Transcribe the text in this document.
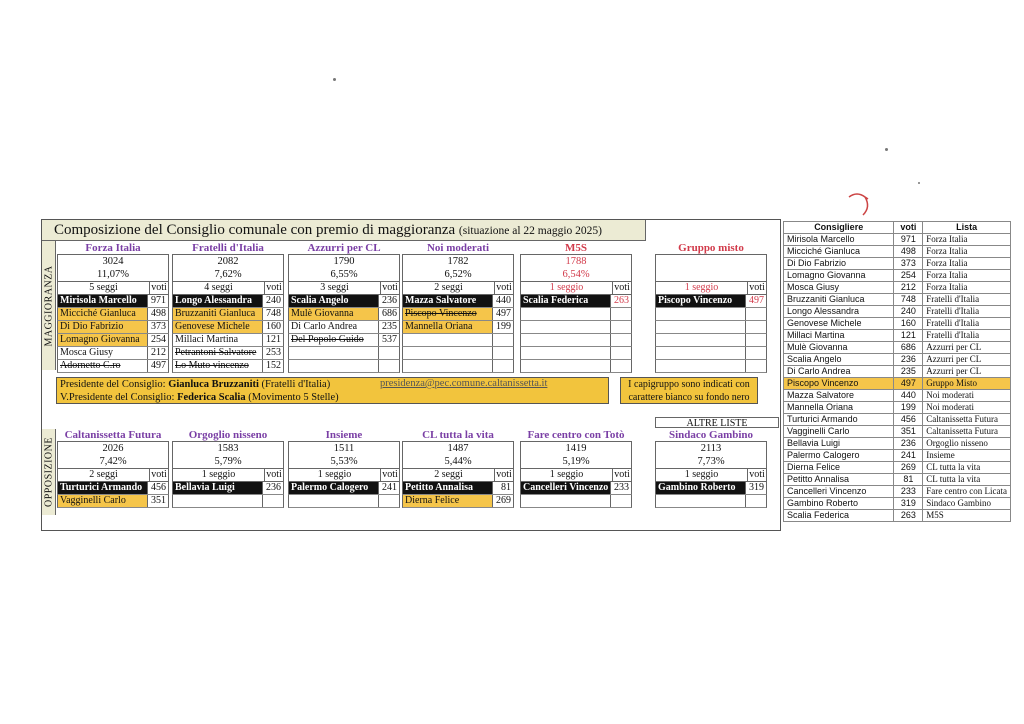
Composizione del Consiglio comunale con premio di maggioranza (situazione al 22 maggio 2025)
MAGGIORANZA
OPPOSIZIONE
Forza Italia
3024
11,07%
5 seggi	voti
Mirisola Marcello	971
Micciché Gianluca	498
Di Dio Fabrizio	373
Lomagno Giovanna	254
Mosca Giusy	212
Adornetto C.ro	497
Fratelli d'Italia
2082
7,62%
4 seggi	voti
Longo Alessandra	240
Bruzzaniti Gianluca	748
Genovese Michele	160
Millaci Martina	121
Petrantoni Salvatore 253
Lo Muto vincenzo	152
Azzurri per CL
1790
6,55%
3 seggi	voti
Scalia Angelo	236
Mulè Giovanna	686
Di Carlo Andrea	235
Del Popolo Guido	537
Noi moderati
1782
6,52%
2 seggi	voti
Mazza Salvatore	440
Piscopo Vincenzo	497
Mannella Oriana	199
M5S
1788
6,54%
1 seggio	voti
Scalia Federica	263
Gruppo misto
1 seggio	voti
Piscopo Vincenzo	497
Presidente del Consiglio: Gianluca Bruzzaniti (Fratelli d'Italia)
V.Presidente del Consiglio: Federica Scalia (Movimento 5 Stelle)
presidenza@pec.comune.caltanissetta.it	I capigruppo sono indicati con carattere bianco su fondo nero
ALTRE LISTE
Caltanissetta Futura
2026
7,42%
2 seggi	voti
Turturici Armando 456
Vagginelli Carlo	351
Orgoglio nisseno
1583
5,79%
1 seggio	voti
Bellavia Luigi	236
Insieme
1511
5,53%
1 seggio	voti
Palermo Calogero	241
CL tutta la vita
1487
5,44%
2 seggi	voti
Petitto Annalisa	81
Dierna Felice	269
Fare centro con Totò
1419
5,19%
1 seggio	voti
Cancelleri Vincenzo 233
Sindaco Gambino
2113
7,73%
1 seggio	voti
Gambino Roberto	319
Consigliere	voti	Lista
Mirisola Marcello	971	Forza Italia
Micciché Gianluca	498	Forza Italia
Di Dio Fabrizio	373	Forza Italia
Lomagno Giovanna	254	Forza Italia
Mosca Giusy	212	Forza Italia
Bruzzaniti Gianluca	748	Fratelli d'Italia
Longo Alessandra	240	Fratelli d'Italia
Genovese Michele	160	Fratelli d'Italia
Millaci Martina	121	Fratelli d'Italia
Mulè Giovanna	686	Azzurri per CL
Scalia Angelo	236	Azzurri per CL
Di Carlo Andrea	235	Azzurri per CL
Piscopo Vincenzo	497	Gruppo Misto
Mazza Salvatore	440	Noi moderati
Mannella Oriana	199	Noi moderati
Turturici Armando	456	Caltanissetta Futura
Vagginelli Carlo	351	Caltanissetta Futura
Bellavia Luigi	236	Orgoglio nisseno
Palermo Calogero	241	Insieme
Dierna Felice	269	CL tutta la vita
Petitto Annalisa	81	CL tutta la vita
Cancelleri Vincenzo	233	Fare centro con Licata
Gambino Roberto	319	Sindaco Gambino
Scalia Federica	263	M5S
